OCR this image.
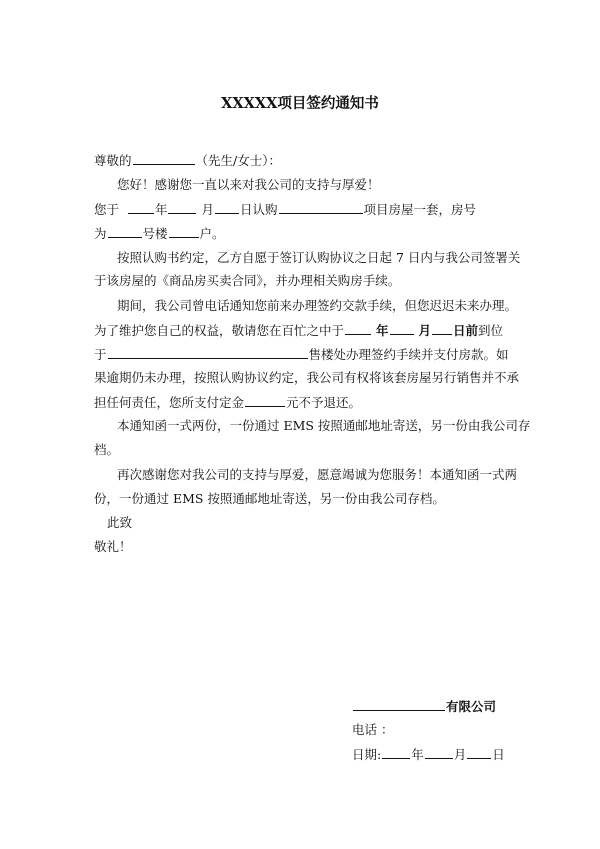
XXXXX项目签约通知书
尊敬的	（先生/女士）：
您好！感谢您一直以来对我公司的支持与厚爱！
您于	年	月 日认购	项目房屋一套，房号
为	号楼	户。
按照认购书约定，乙方自愿于签订认购协议之日起 7 日内与我公司签署关
于该房屋的《商品房买卖合同》，并办理相关购房手续。
期间，我公司曾电话通知您前来办理签约交款手续，但您迟迟未来办理。
为了维护您自己的权益，敬请您在百忙之中于	年 月 日前到位
于	售楼处办理签约手续并支付房款。如
果逾期仍未办理，按照认购协议约定，我公司有权将该套房屋另行销售并不承
担任何责任，您所支付定金	元不予退还。
本通知函一式两份，一份通过 EMS 按照通邮地址寄送，另一份由我公司存
档。
再次感谢您对我公司的支持与厚爱，愿意竭诚为您服务！本通知函一式两
份，一份通过 EMS 按照通邮地址寄送，另一份由我公司存档。
此致
敬礼！
有限公司
电话 ：
日期: 年 月 日
